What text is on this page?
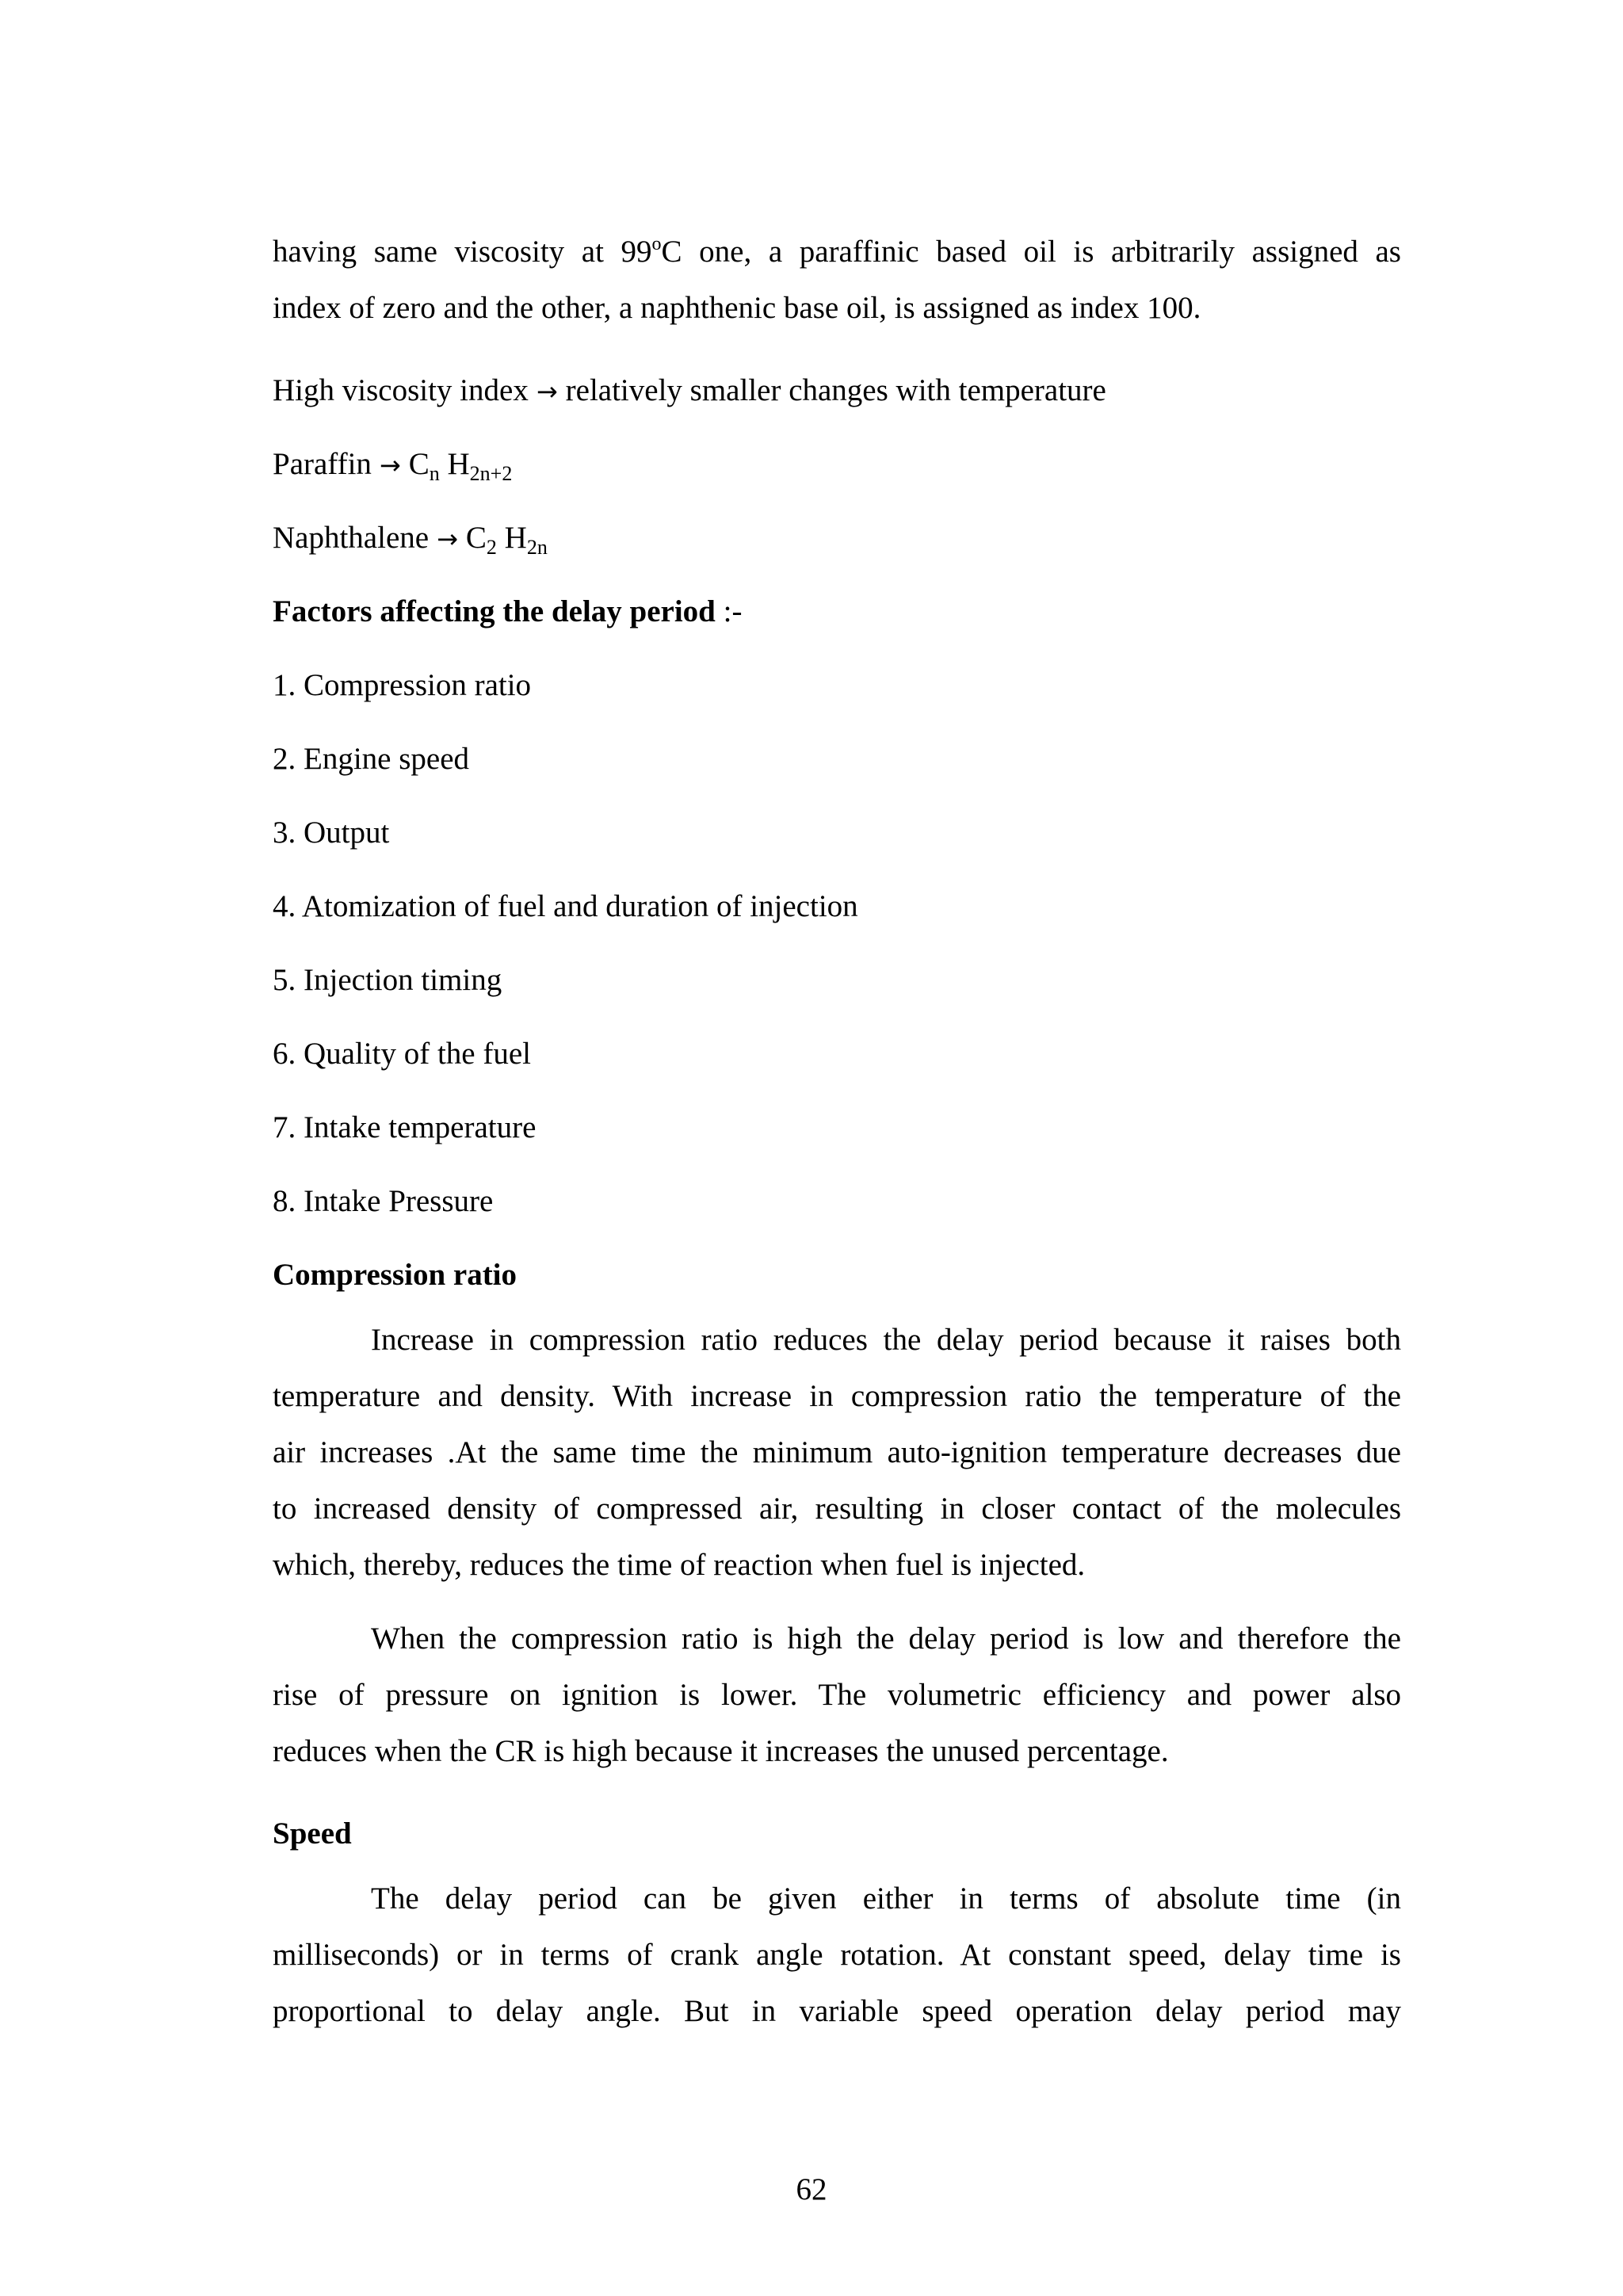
having same viscosity at 99$^o$C one, a paraffinic based oil is arbitrarily assigned as
index of zero and the other, a naphthenic base oil, is assigned as index 100.
High viscosity index → relatively smaller changes with temperature
Paraffin → $C_n$ $H_{2n+2}$
Naphthalene → $C_2$ $H_{2n}$
Factors affecting the delay period :-
1. Compression ratio
2. Engine speed
3. Output
4. Atomization of fuel and duration of injection
5. Injection timing
6. Quality of the fuel
7. Intake temperature
8. Intake Pressure
Compression ratio
Increase in compression ratio reduces the delay period because it raises both
temperature and density. With increase in compression ratio the temperature of the
air increases .At the same time the minimum auto-ignition temperature decreases due
to increased density of compressed air, resulting in closer contact of the molecules
which, thereby, reduces the time of reaction when fuel is injected.
When the compression ratio is high the delay period is low and therefore the
rise of pressure on ignition is lower. The volumetric efficiency and power also
reduces when the CR is high because it increases the unused percentage.
Speed
The delay period can be given either in terms of absolute time (in
milliseconds) or in terms of crank angle rotation. At constant speed, delay time is
proportional to delay angle. But in variable speed operation delay period may
62
